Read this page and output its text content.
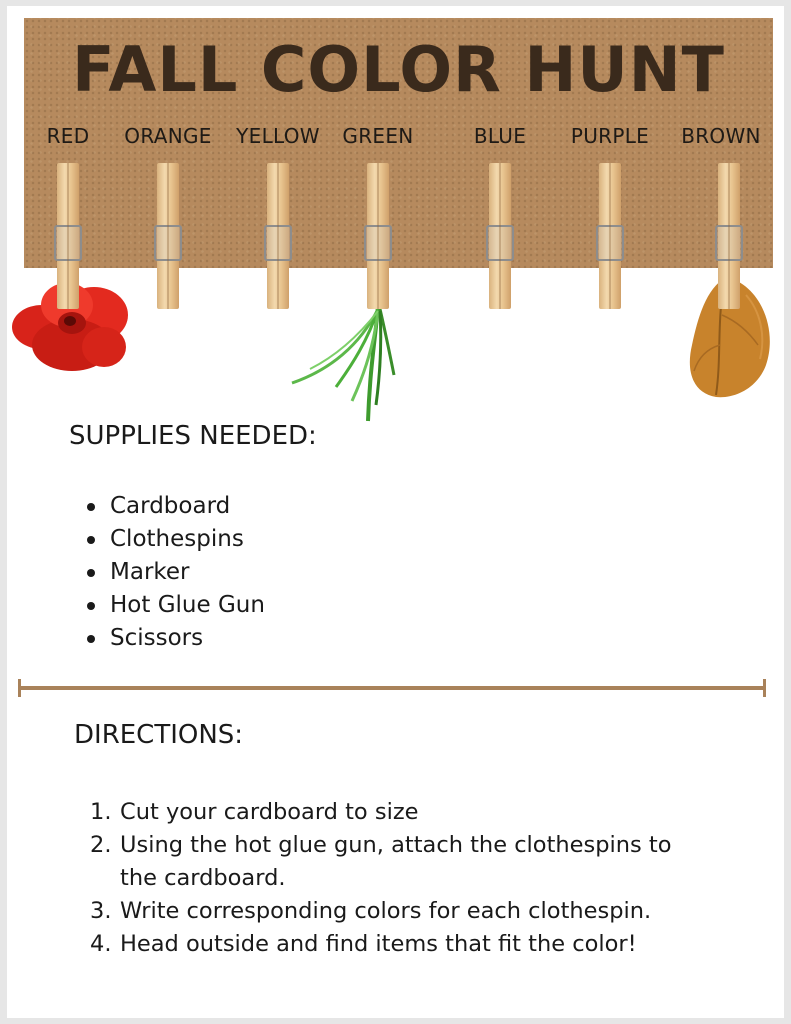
FALL COLOR HUNT
RED	ORANGE	YELLOW	GREEN	BLUE	PURPLE	BROWN
SUPPLIES NEEDED:
Cardboard
Clothespins
Marker
Hot Glue Gun
Scissors
DIRECTIONS:
1. Cut your cardboard to size
2. Using the hot glue gun, attach the clothespins to the cardboard.
3. Write corresponding colors for each clothespin.
4. Head outside and find items that fit the color!
